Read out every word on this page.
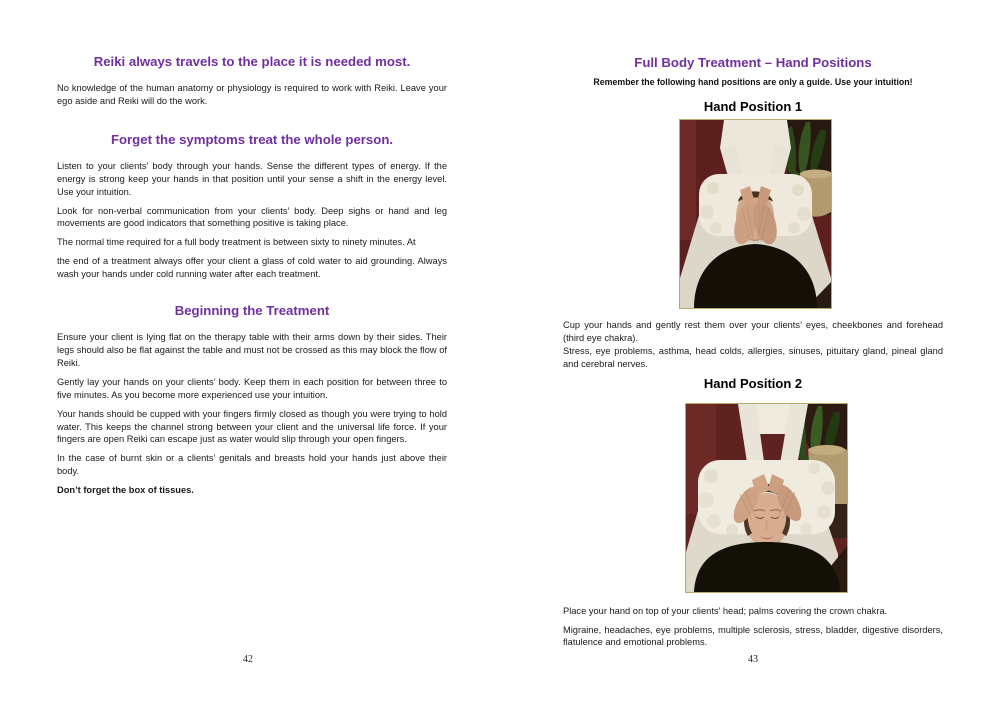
Reiki always travels to the place it is needed most.

No knowledge of the human anatomy or physiology is required to work with Reiki. Leave your ego aside and Reiki will do the work.

Forget the symptoms treat the whole person.

Listen to your clients’ body through your hands. Sense the different types of energy. If the energy is strong keep your hands in that position until your sense a shift in the energy level. Use your intuition.

Look for non-verbal communication from your clients’ body. Deep sighs or hand and leg movements are good indicators that something positive is taking place.

The normal time required for a full body treatment is between sixty to ninety minutes. At

the end of a treatment always offer your client a glass of cold water to aid grounding. Always wash your hands under cold running water after each treatment.

Beginning the Treatment

Ensure your client is lying flat on the therapy table with their arms down by their sides. Their legs should also be flat against the table and must not be crossed as this may block the flow of Reiki.

Gently lay your hands on your clients’ body. Keep them in each position for between three to five minutes. As you become more experienced use your intuition.

Your hands should be cupped with your fingers firmly closed as though you were trying to hold water. This keeps the channel strong between your client and the universal life force. If your fingers are open Reiki can escape just as water would slip through your open fingers.

In the case of burnt skin or a clients’ genitals and breasts hold your hands just above their body.

Don’t forget the box of tissues.

42
Full Body Treatment – Hand Positions

Remember the following hand positions are only a guide. Use your intuition!

Hand Position 1

Cup your hands and gently rest them over your clients’ eyes, cheekbones and forehead (third eye chakra).

Stress, eye problems, asthma, head colds, allergies, sinuses, pituitary gland, pineal gland and cerebral nerves.

Hand Position 2

Place your hand on top of your clients’ head; palms covering the crown chakra.

Migraine, headaches, eye problems, multiple sclerosis, stress, bladder, digestive disorders, flatulence and emotional problems.

43
